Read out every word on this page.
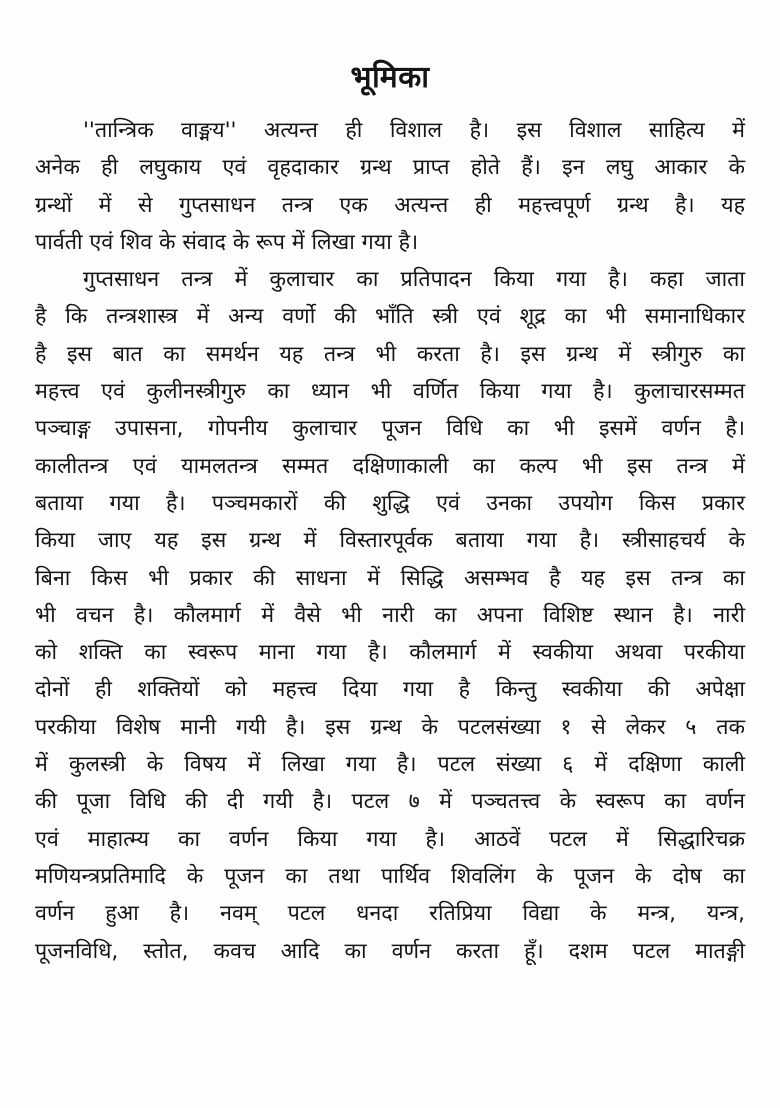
भूमिका
''तान्त्रिक वाङ्मय'' अत्यन्त ही विशाल है। इस विशाल साहित्य में
अनेक ही लघुकाय एवं वृहदाकार ग्रन्थ प्राप्त होते हैं। इन लघु आकार के
ग्रन्थों में से गुप्तसाधन तन्त्र एक अत्यन्त ही महत्त्वपूर्ण ग्रन्थ है। यह
पार्वती एवं शिव के संवाद के रूप में लिखा गया है।
गुप्तसाधन तन्त्र में कुलाचार का प्रतिपादन किया गया है। कहा जाता
है कि तन्त्रशास्त्र में अन्य वर्णो की भाँति स्त्री एवं शूद्र का भी समानाधिकार
है इस बात का समर्थन यह तन्त्र भी करता है। इस ग्रन्थ में स्त्रीगुरु का
महत्त्व एवं कुलीनस्त्रीगुरु का ध्यान भी वर्णित किया गया है। कुलाचारसम्मत
पञ्चाङ्ग उपासना, गोपनीय कुलाचार पूजन विधि का भी इसमें वर्णन है।
कालीतन्त्र एवं यामलतन्त्र सम्मत दक्षिणाकाली का कल्प भी इस तन्त्र में
बताया गया है। पञ्चमकारों की शुद्धि एवं उनका उपयोग किस प्रकार
किया जाए यह इस ग्रन्थ में विस्तारपूर्वक बताया गया है। स्त्रीसाहचर्य के
बिना किस भी प्रकार की साधना में सिद्धि असम्भव है यह इस तन्त्र का
भी वचन है। कौलमार्ग में वैसे भी नारी का अपना विशिष्ट स्थान है। नारी
को शक्ति का स्वरूप माना गया है। कौलमार्ग में स्वकीया अथवा परकीया
दोनों ही शक्तियों को महत्त्व दिया गया है किन्तु स्वकीया की अपेक्षा
परकीया विशेष मानी गयी है। इस ग्रन्थ के पटलसंख्या १ से लेकर ५ तक
में कुलस्त्री के विषय में लिखा गया है। पटल संख्या ६ में दक्षिणा काली
की पूजा विधि की दी गयी है। पटल ७ में पञ्चतत्त्व के स्वरूप का वर्णन
एवं माहात्म्य का वर्णन किया गया है। आठवें पटल में सिद्धारिचक्र
मणियन्त्रप्रतिमादि के पूजन का तथा पार्थिव शिवलिंग के पूजन के दोष का
वर्णन हुआ है। नवम् पटल धनदा रतिप्रिया विद्या के मन्त्र, यन्त्र,
पूजनविधि, स्तोत, कवच आदि का वर्णन करता हूँ। दशम पटल मातङ्गी
